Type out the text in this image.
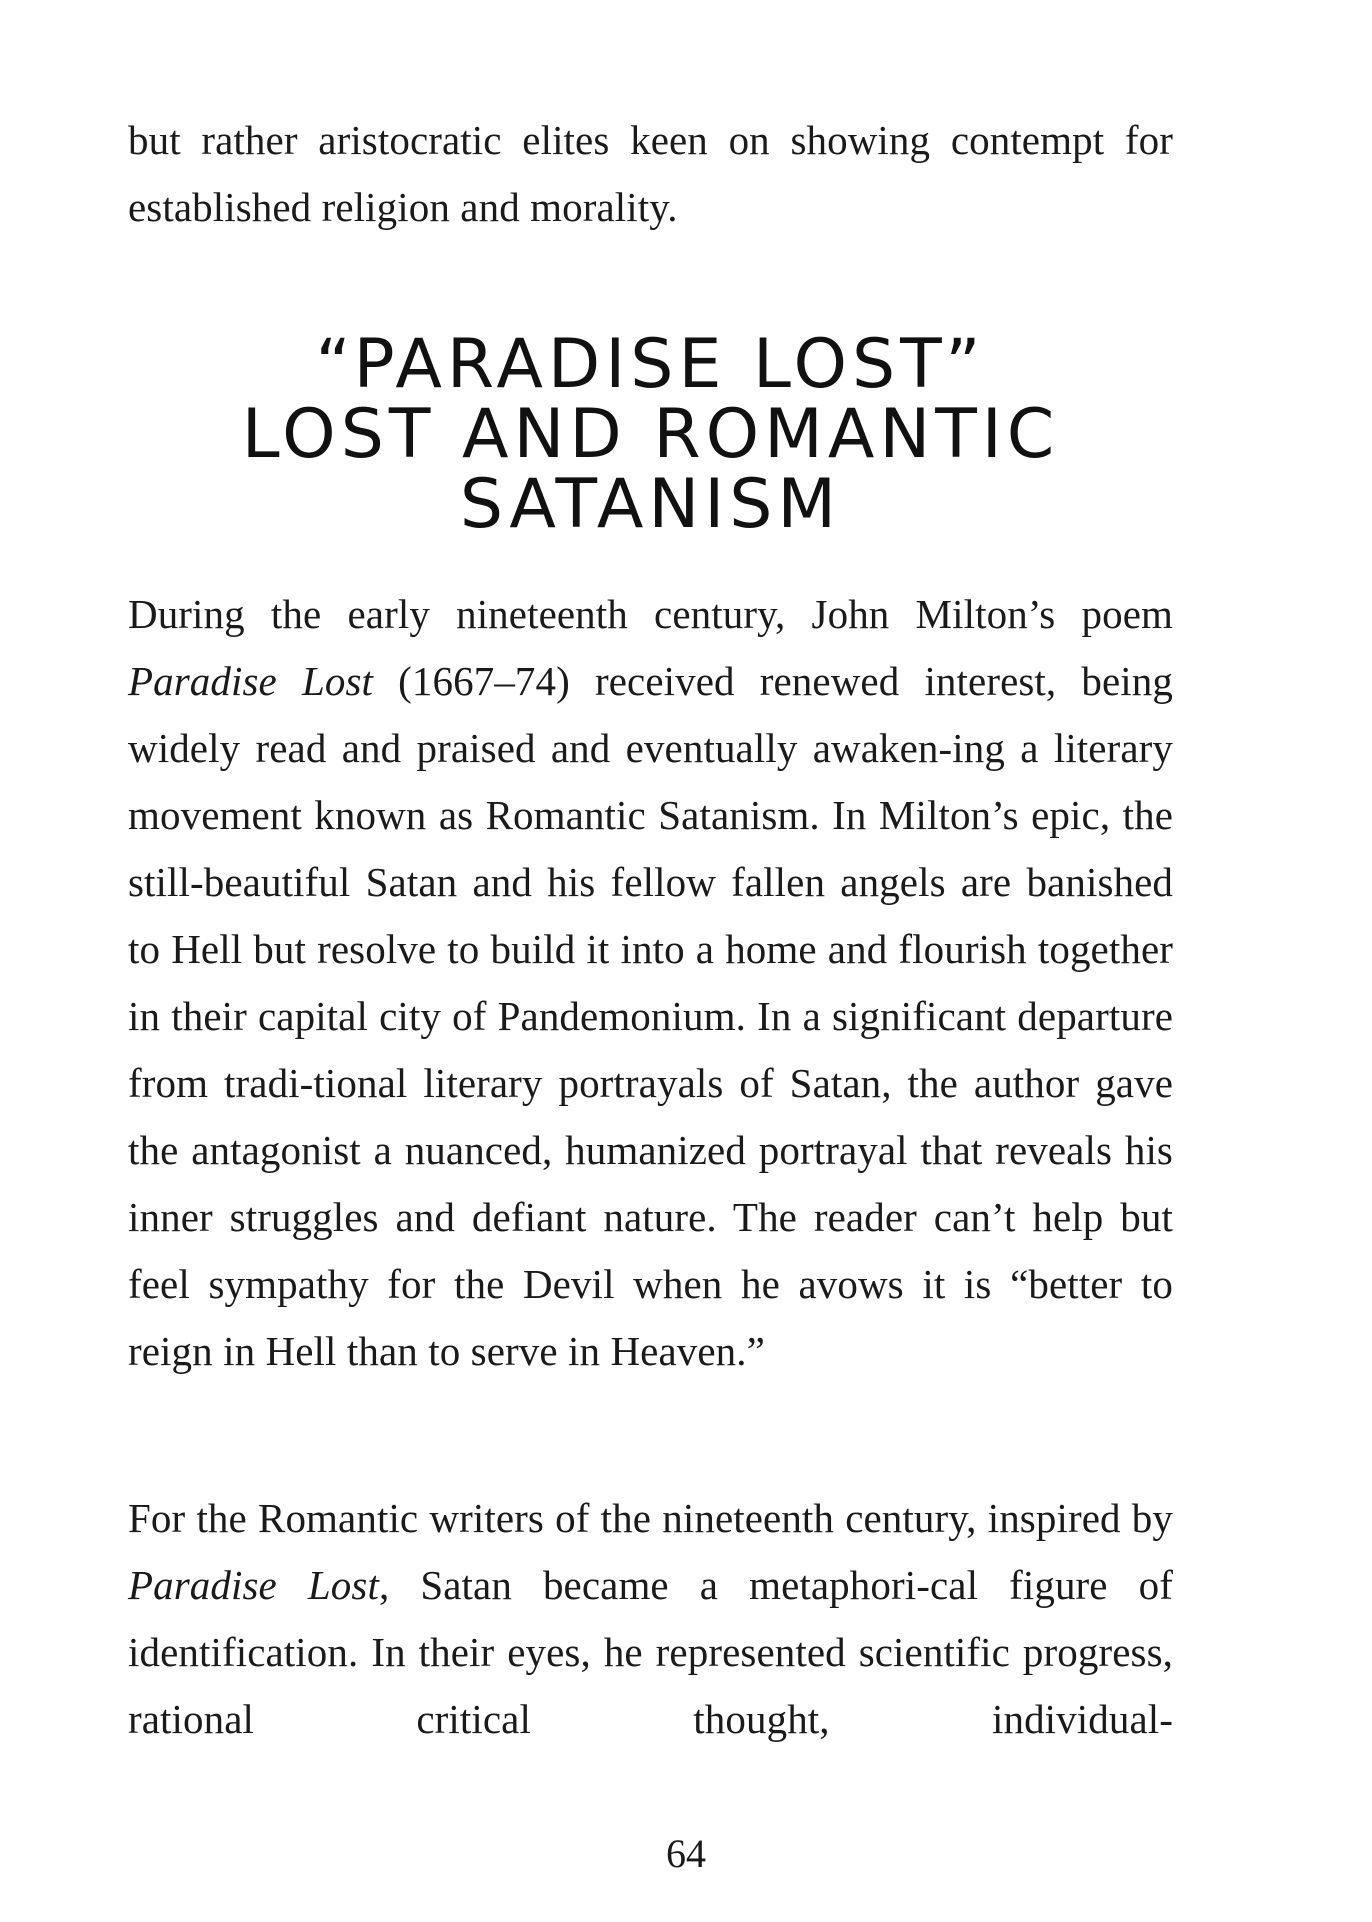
but rather aristocratic elites keen on showing contempt for established religion and morality.

“PARADISE LOST”
LOST AND ROMANTIC
SATANISM

During the early nineteenth century, John Milton’s poem Paradise Lost (1667–74) received renewed interest, being widely read and praised and eventually awaken-ing a literary movement known as Romantic Satanism. In Milton’s epic, the still-beautiful Satan and his fellow fallen angels are banished to Hell but resolve to build it into a home and flourish together in their capital city of Pandemonium. In a significant departure from tradi-tional literary portrayals of Satan, the author gave the antagonist a nuanced, humanized portrayal that reveals his inner struggles and defiant nature. The reader can’t help but feel sympathy for the Devil when he avows it is “better to reign in Hell than to serve in Heaven.”

For the Romantic writers of the nineteenth century, inspired by Paradise Lost, Satan became a metaphori-cal figure of identification. In their eyes, he represented scientific progress, rational critical thought, individual-

64
